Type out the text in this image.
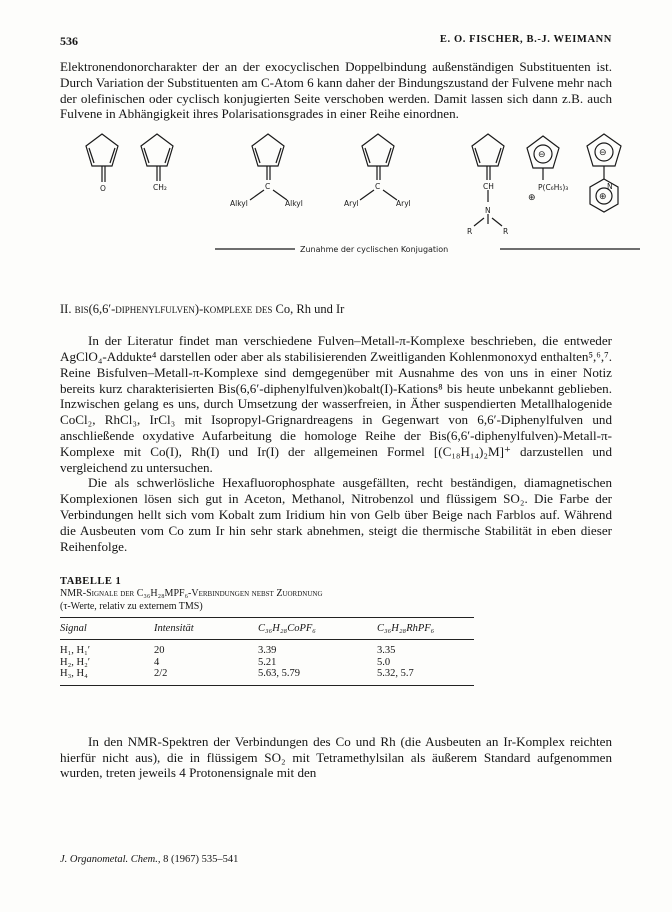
536	E. O. FISCHER, B.-J. WEIMANN

Elektronendonorcharakter der an der exocyclischen Doppelbindung außenständigen Substituenten ist. Durch Variation der Substituenten am C-Atom 6 kann daher der Bindungszustand der Fulvene mehr nach der olefinischen oder cyclisch konjugierten Seite verschoben werden. Damit lassen sich dann z.B. auch Fulvene in Abhängigkeit ihres Polarisationsgrades in einer Reihe einordnen.

O	CH₂	C
Alkyl	Alkyl
C
Aryl	Aryl
CH
N
R	R
⊖
P(C₆H₅)₃
⊕
⊖
N
⊕
Zunahme der cyclischen Konjugation
II. bis(6,6′-diphenylfulven)-komplexe des Co, Rh und Ir

In der Literatur findet man verschiedene Fulven–Metall-π-Komplexe beschrieben, die entweder AgClO₄-Addukte⁴ darstellen oder aber als stabilisierenden Zweitliganden Kohlenmonoxyd enthalten⁵,⁶,⁷. Reine Bisfulven–Metall-π-Komplexe sind demgegenüber mit Ausnahme des von uns in einer Notiz bereits kurz charakterisierten Bis(6,6′-diphenylfulven)kobalt(I)-Kations⁸ bis heute unbekannt geblieben. Inzwischen gelang es uns, durch Umsetzung der wasserfreien, in Äther suspendierten Metallhalogenide CoCl₂, RhCl₃, IrCl₃ mit Isopropyl-Grignardreagens in Gegenwart von 6,6′-Diphenylfulven und anschließende oxydative Aufarbeitung die homologe Reihe der Bis(6,6′-diphenylfulven)-Metall-π-Komplexe mit Co(I), Rh(I) und Ir(I) der allgemeinen Formel [(C₁₈H₁₄)₂M]⁺ darzustellen und vergleichend zu untersuchen.

Die als schwerlösliche Hexafluorophosphate ausgefällten, recht beständigen, diamagnetischen Komplexionen lösen sich gut in Aceton, Methanol, Nitrobenzol und flüssigem SO₂. Die Farbe der Verbindungen hellt sich vom Kobalt zum Iridium hin von Gelb über Beige nach Farblos auf. Während die Ausbeuten vom Co zum Ir hin sehr stark abnehmen, steigt die thermische Stabilität in eben dieser Reihenfolge.

TABELLE 1
NMR-Signale der C₃₆H₂₈MPF₆-Verbindungen nebst Zuordnung
(τ-Werte, relativ zu externem TMS)
Signal	Intensität	C₃₆H₂₈CoPF₆	C₃₆H₂₈RhPF₆
H₁, H₁′	20	3.39	3.35
H₂, H₂′	4	5.21	5.0
H₃, H₄	2/2	5.63, 5.79	5.32, 5.7

In den NMR-Spektren der Verbindungen des Co und Rh (die Ausbeuten an Ir-Komplex reichten hierfür nicht aus), die in flüssigem SO₂ mit Tetramethylsilan als äußerem Standard aufgenommen wurden, treten jeweils 4 Protonensignale mit den

J. Organometal. Chem., 8 (1967) 535–541
